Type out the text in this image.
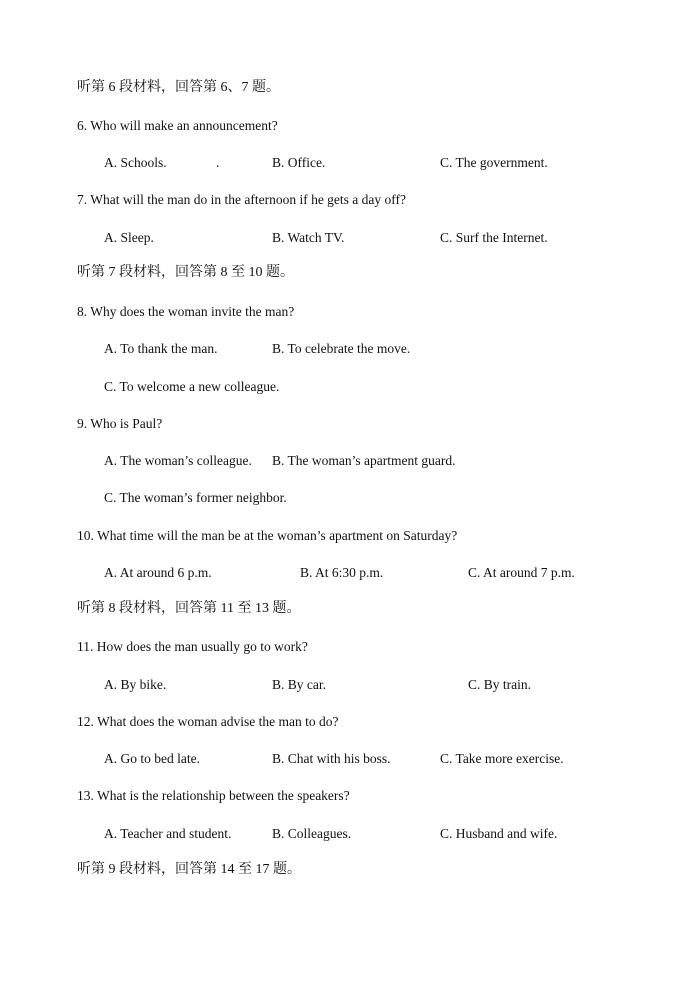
听第 6 段材料，回答第 6、7 题。
6. Who will make an announcement?
A. Schools.	.	B. Office.	C. The government.
7. What will the man do in the afternoon if he gets a day off?
A. Sleep.	B. Watch TV.	C. Surf the Internet.
听第 7 段材料，回答第 8 至 10 题。
8. Why does the woman invite the man?
A. To thank the man.	B. To celebrate the move.
C. To welcome a new colleague.
9. Who is Paul?
A. The woman’s colleague. B. The woman’s apartment guard.
C. The woman’s former neighbor.
10. What time will the man be at the woman’s apartment on Saturday?
A. At around 6 p.m.	B. At 6:30 p.m.	C. At around 7 p.m.
听第 8 段材料，回答第 11 至 13 题。
11. How does the man usually go to work?
A. By bike.	B. By car.	C. By train.
12. What does the woman advise the man to do?
A. Go to bed late.	B. Chat with his boss.	C. Take more exercise.
13. What is the relationship between the speakers?
A. Teacher and student.	B. Colleagues.	C. Husband and wife.
听第 9 段材料，回答第 14 至 17 题。
